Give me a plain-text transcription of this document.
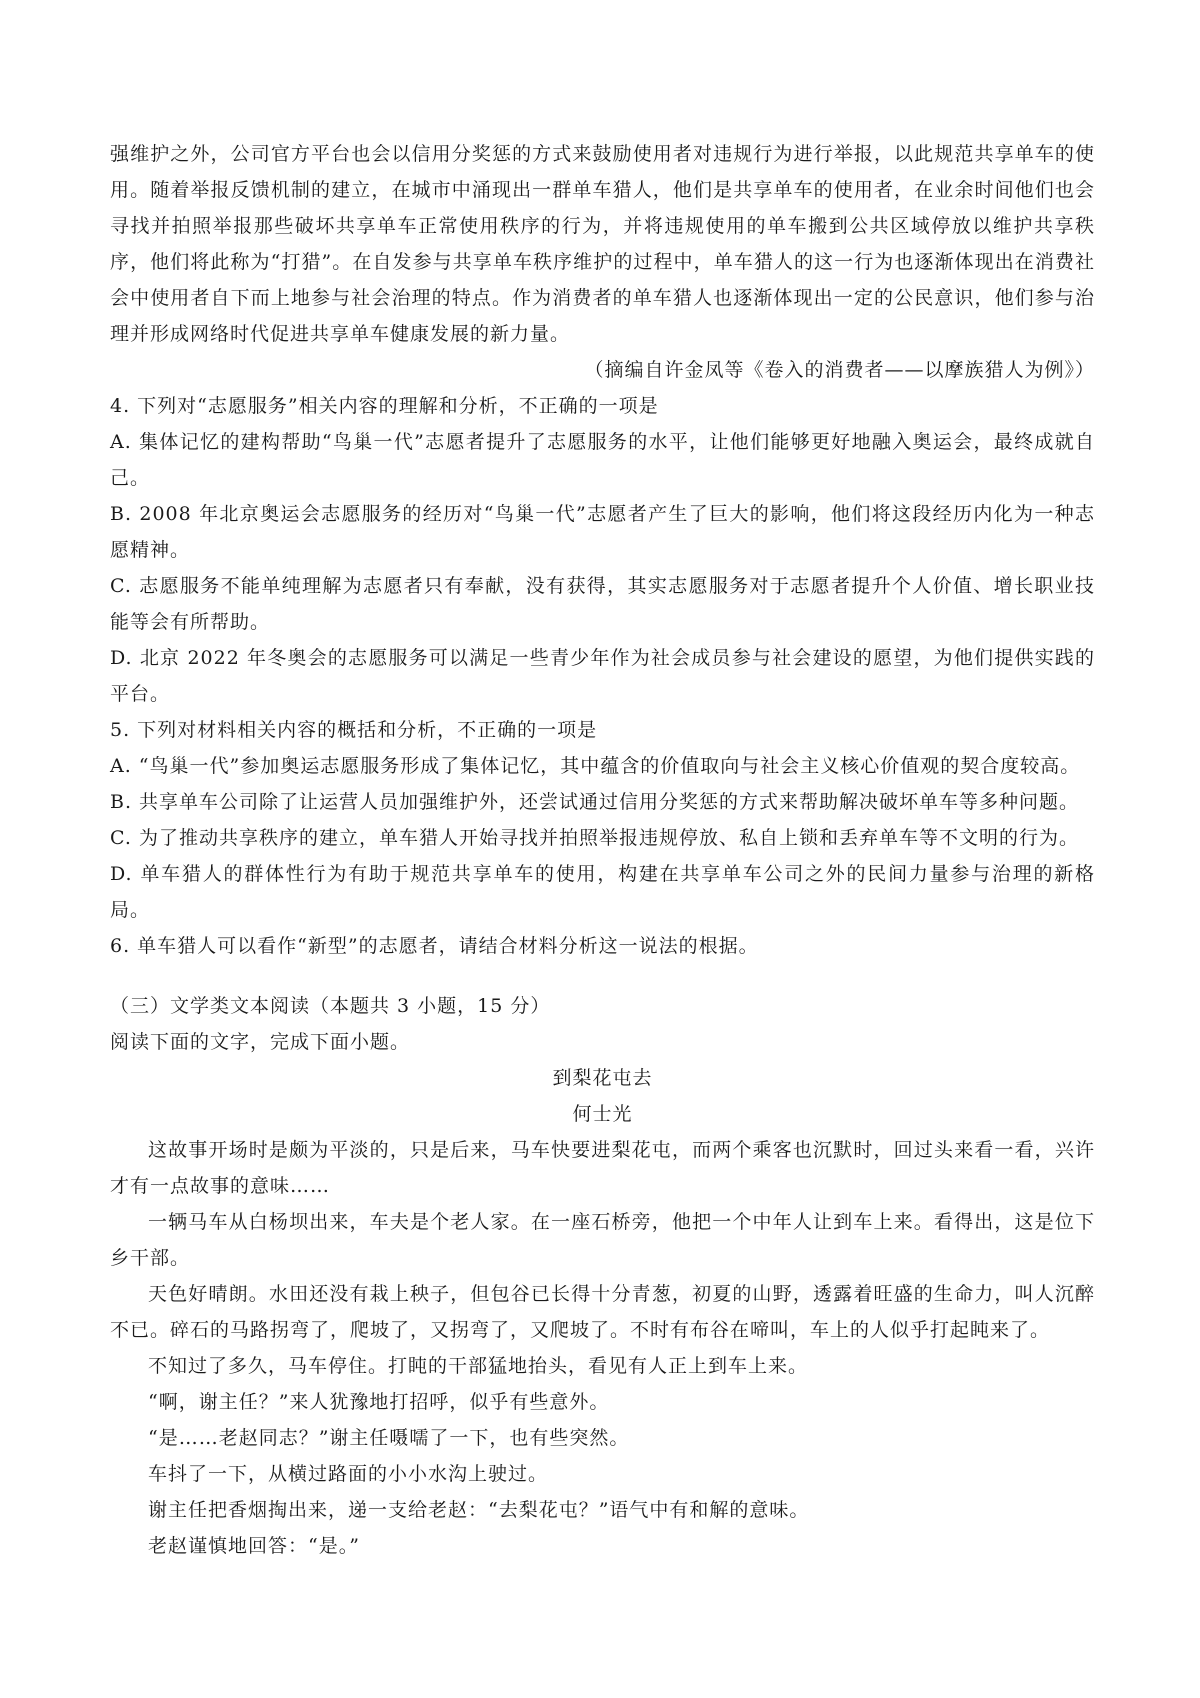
强维护之外，公司官方平台也会以信用分奖惩的方式来鼓励使用者对违规行为进行举报，以此规范共享单车的使用。随着举报反馈机制的建立，在城市中涌现出一群单车猎人，他们是共享单车的使用者，在业余时间他们也会寻找并拍照举报那些破坏共享单车正常使用秩序的行为，并将违规使用的单车搬到公共区域停放以维护共享秩序，他们将此称为“打猎”。在自发参与共享单车秩序维护的过程中，单车猎人的这一行为也逐渐体现出在消费社会中使用者自下而上地参与社会治理的特点。作为消费者的单车猎人也逐渐体现出一定的公民意识，他们参与治理并形成网络时代促进共享单车健康发展的新力量。

（摘编自许金凤等《卷入的消费者——以摩族猎人为例》）

4. 下列对“志愿服务”相关内容的理解和分析，不正确的一项是

A. 集体记忆的建构帮助“鸟巢一代”志愿者提升了志愿服务的水平，让他们能够更好地融入奥运会，最终成就自己。

B. 2008 年北京奥运会志愿服务的经历对“鸟巢一代”志愿者产生了巨大的影响，他们将这段经历内化为一种志愿精神。

C. 志愿服务不能单纯理解为志愿者只有奉献，没有获得，其实志愿服务对于志愿者提升个人价值、增长职业技能等会有所帮助。

D. 北京 2022 年冬奥会的志愿服务可以满足一些青少年作为社会成员参与社会建设的愿望，为他们提供实践的平台。

5. 下列对材料相关内容的概括和分析，不正确的一项是

A. “鸟巢一代”参加奥运志愿服务形成了集体记忆，其中蕴含的价值取向与社会主义核心价值观的契合度较高。

B. 共享单车公司除了让运营人员加强维护外，还尝试通过信用分奖惩的方式来帮助解决破坏单车等多种问题。

C. 为了推动共享秩序的建立，单车猎人开始寻找并拍照举报违规停放、私自上锁和丢弃单车等不文明的行为。

D. 单车猎人的群体性行为有助于规范共享单车的使用，构建在共享单车公司之外的民间力量参与治理的新格局。

6. 单车猎人可以看作“新型”的志愿者，请结合材料分析这一说法的根据。

（三）文学类文本阅读（本题共 3 小题，15 分）

阅读下面的文字，完成下面小题。

到梨花屯去

何士光

这故事开场时是颇为平淡的，只是后来，马车快要进梨花屯，而两个乘客也沉默时，回过头来看一看，兴许才有一点故事的意味……

一辆马车从白杨坝出来，车夫是个老人家。在一座石桥旁，他把一个中年人让到车上来。看得出，这是位下乡干部。

天色好晴朗。水田还没有栽上秧子，但包谷已长得十分青葱，初夏的山野，透露着旺盛的生命力，叫人沉醉不已。碎石的马路拐弯了，爬坡了，又拐弯了，又爬坡了。不时有布谷在啼叫，车上的人似乎打起盹来了。

不知过了多久，马车停住。打盹的干部猛地抬头，看见有人正上到车上来。

“啊，谢主任？”来人犹豫地打招呼，似乎有些意外。

“是……老赵同志？”谢主任嗫嚅了一下，也有些突然。

车抖了一下，从横过路面的小小水沟上驶过。

谢主任把香烟掏出来，递一支给老赵：“去梨花屯？”语气中有和解的意味。

老赵谨慎地回答：“是。”
